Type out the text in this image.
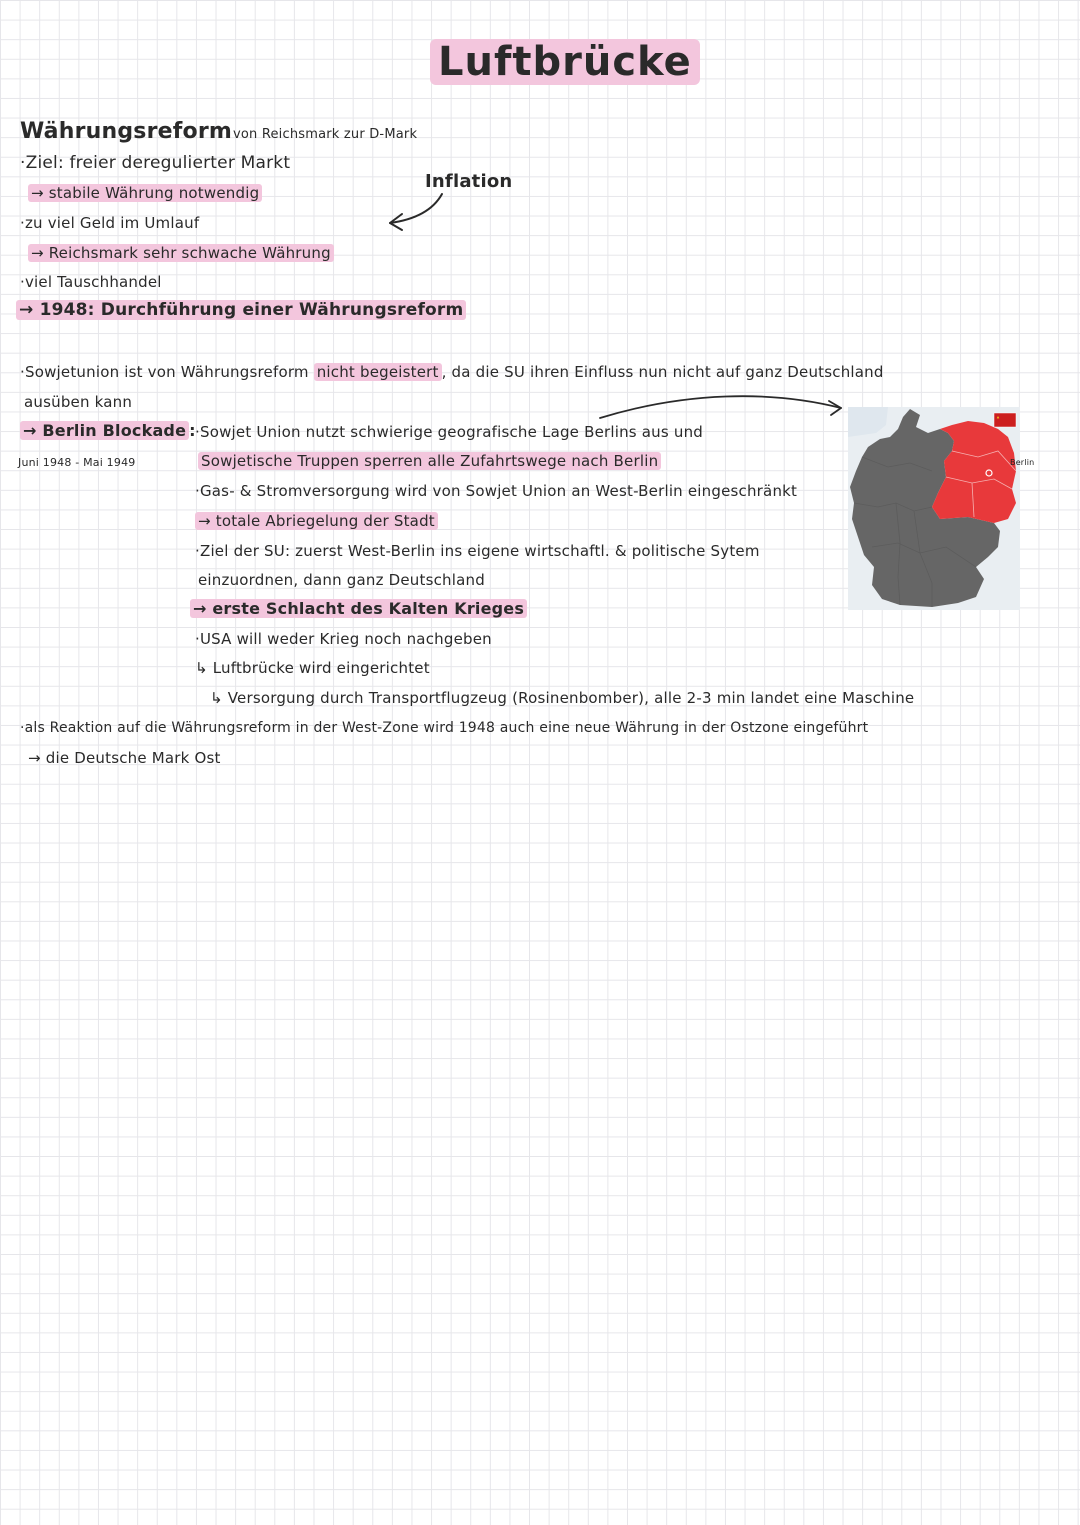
Luftbrücke
Währungsreform von Reichsmark zur D-Mark
·Ziel: freier deregulierter Markt
→ stabile Währung notwendig
·zu viel Geld im Umlauf
→ Reichsmark sehr schwache Währung
·viel Tauschhandel
→ 1948: Durchführung einer Währungsreform
Inflation
·Sowjetunion ist von Währungsreform nicht begeistert , da die SU ihren Einfluss nun nicht auf ganz Deutschland
ausüben kann
→ Berlin Blockade :
Juni 1948 - Mai 1949
·Sowjet Union nutzt schwierige geografische Lage Berlins aus und
Sowjetische Truppen sperren alle Zufahrtswege nach Berlin
·Gas- & Stromversorgung wird von Sowjet Union an West-Berlin eingeschränkt
→ totale Abriegelung der Stadt
·Ziel der SU: zuerst West-Berlin ins eigene wirtschaftl. & politische Sytem
einzuordnen, dann ganz Deutschland
→ erste Schlacht des Kalten Krieges
·USA will weder Krieg noch nachgeben
↳ Luftbrücke wird eingerichtet
↳ Versorgung durch Transportflugzeug (Rosinenbomber), alle 2-3 min landet eine Maschine
·als Reaktion auf die Währungsreform in der West-Zone wird 1948 auch eine neue Währung in der Ostzone eingeführt
→ die Deutsche Mark Ost
Berlin
